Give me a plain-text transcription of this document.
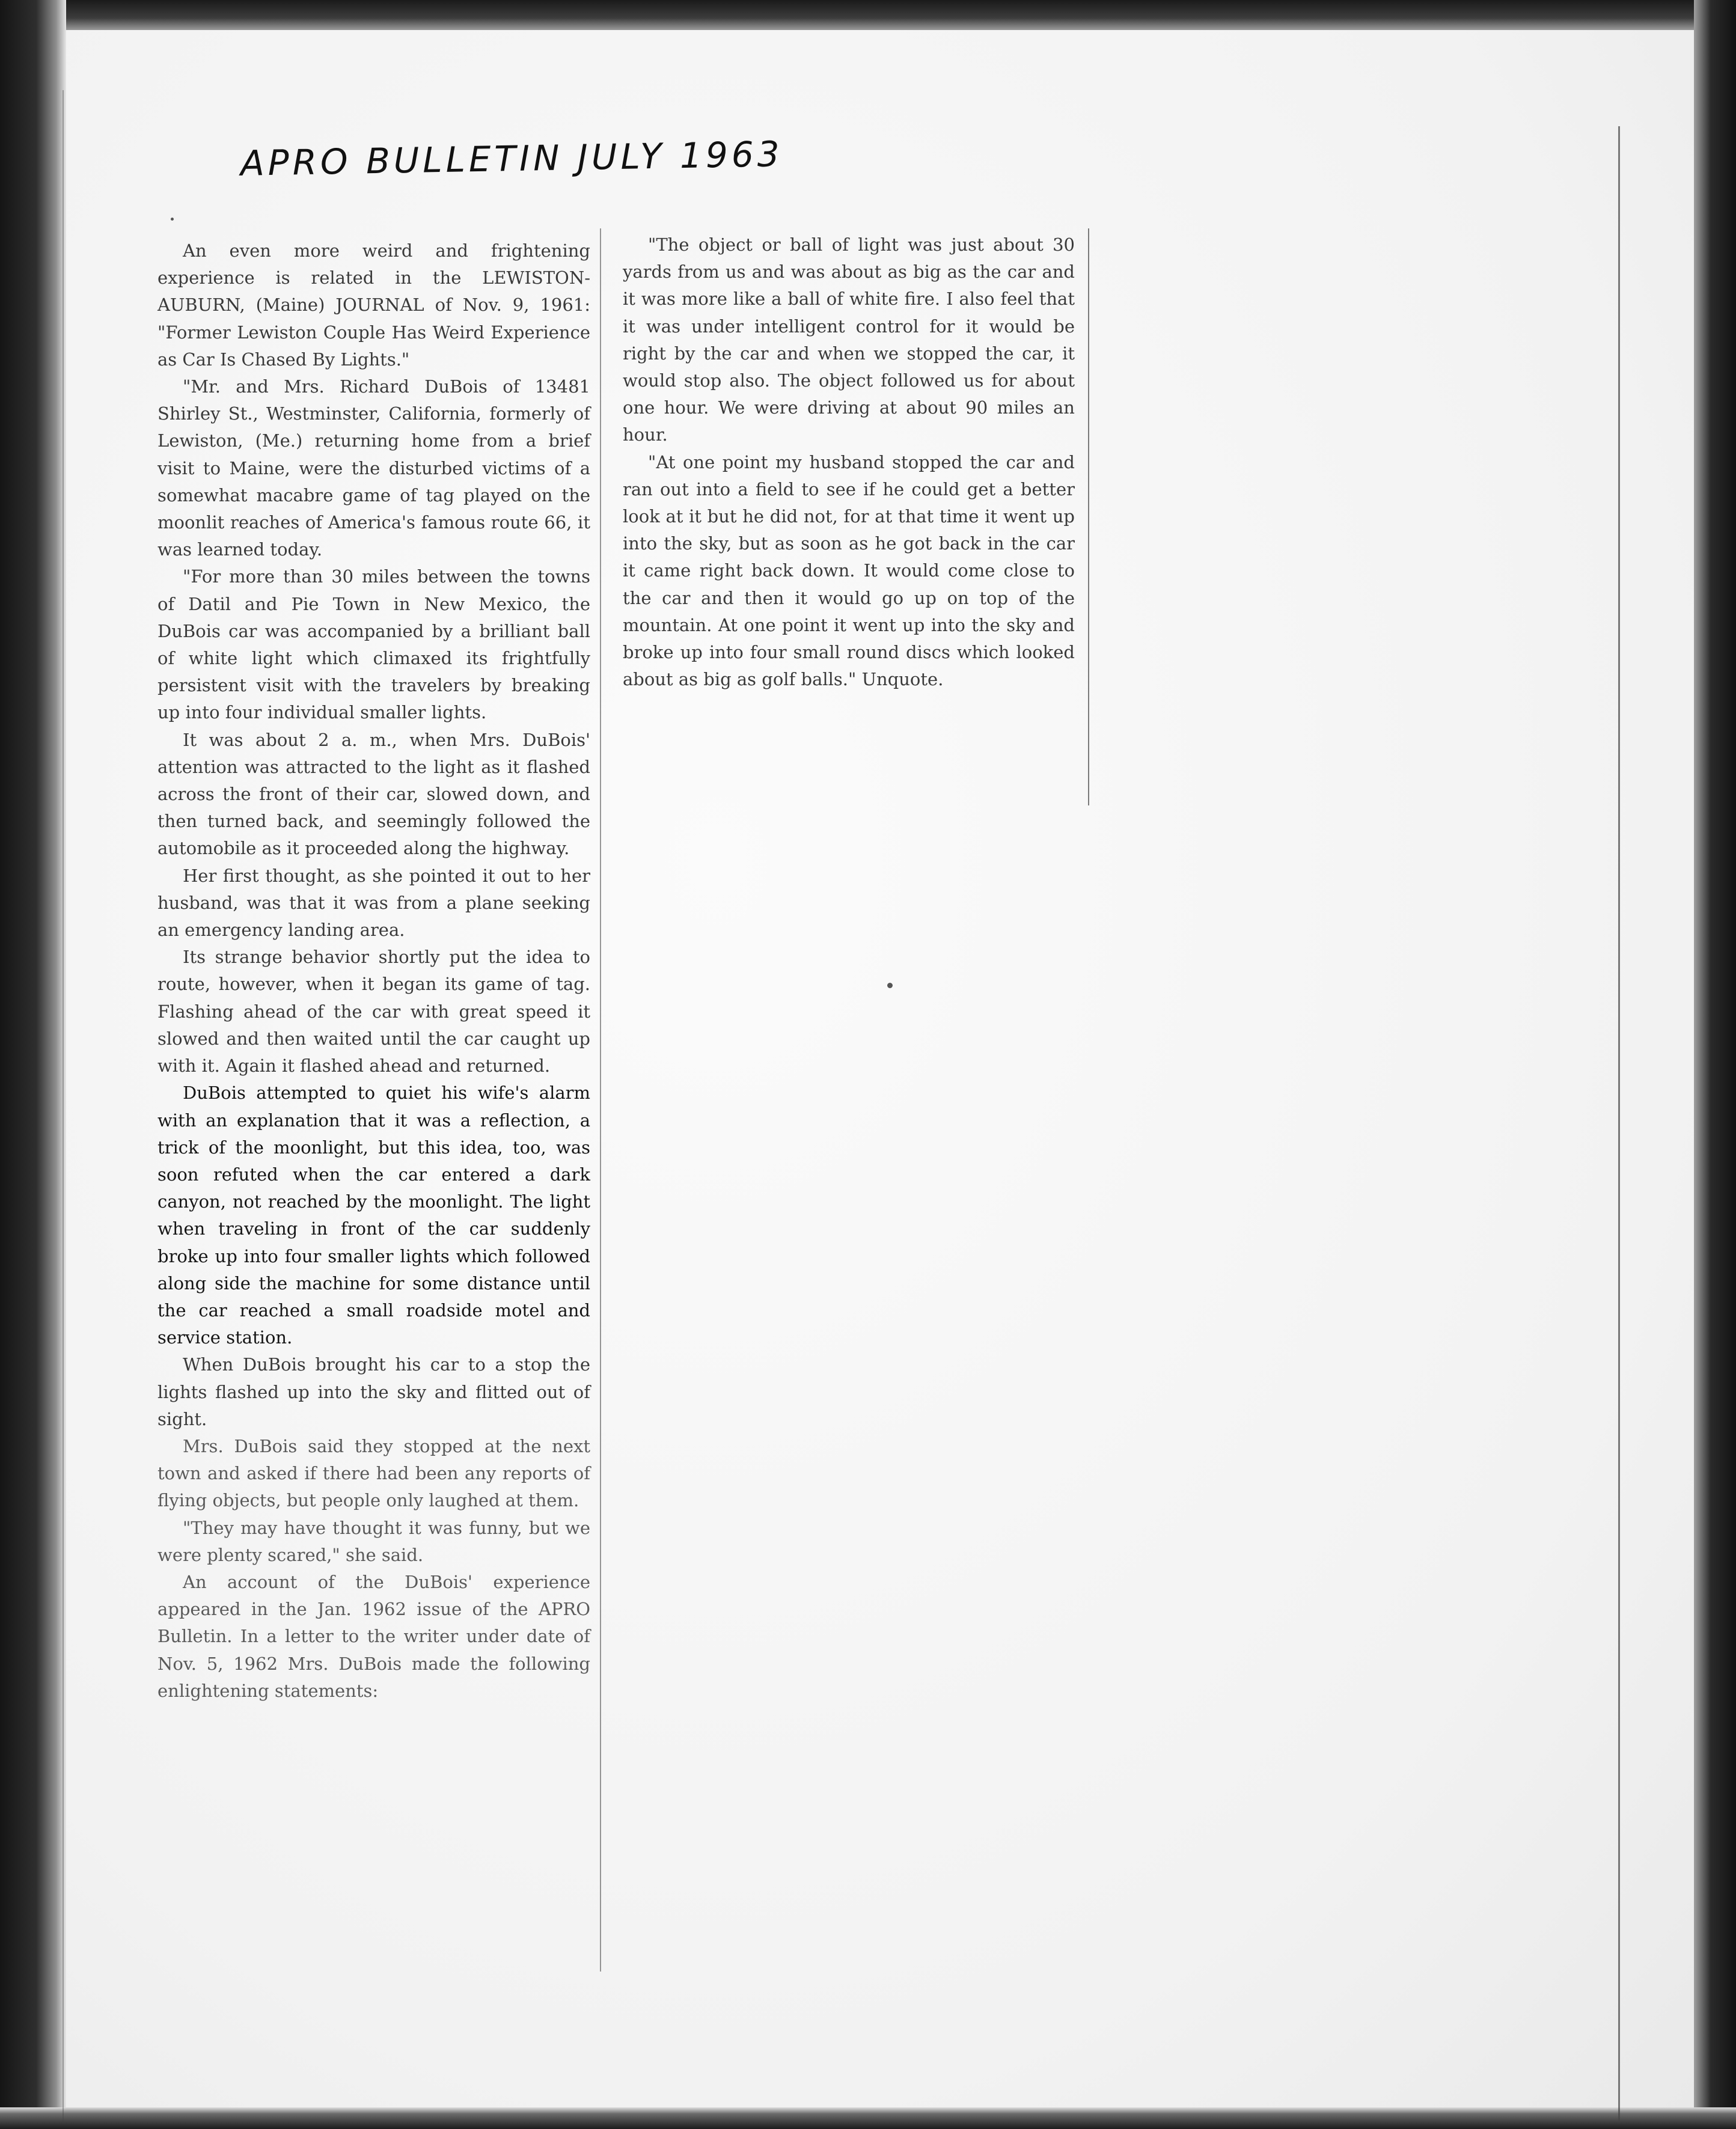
APRO BULLETIN JULY 1963

An even more weird and frightening experience is related in the LEWISTON-AUBURN, (Maine) JOURNAL of Nov. 9, 1961: "Former Lewiston Couple Has Weird Experience as Car Is Chased By Lights."

"Mr. and Mrs. Richard DuBois of 13481 Shirley St., Westminster, California, formerly of Lewiston, (Me.) returning home from a brief visit to Maine, were the disturbed victims of a somewhat macabre game of tag played on the moonlit reaches of America's famous route 66, it was learned today.

"For more than 30 miles between the towns of Datil and Pie Town in New Mexico, the DuBois car was accompanied by a brilliant ball of white light which climaxed its frightfully persistent visit with the travelers by breaking up into four individual smaller lights.

It was about 2 a. m., when Mrs. DuBois' attention was attracted to the light as it flashed across the front of their car, slowed down, and then turned back, and seemingly followed the automobile as it proceeded along the highway.

Her first thought, as she pointed it out to her husband, was that it was from a plane seeking an emergency landing area.

Its strange behavior shortly put the idea to route, however, when it began its game of tag. Flashing ahead of the car with great speed it slowed and then waited until the car caught up with it. Again it flashed ahead and returned.

DuBois attempted to quiet his wife's alarm with an explanation that it was a reflection, a trick of the moonlight, but this idea, too, was soon refuted when the car entered a dark canyon, not reached by the moonlight. The light when traveling in front of the car suddenly broke up into four smaller lights which followed along side the machine for some distance until the car reached a small roadside motel and service station.

When DuBois brought his car to a stop the lights flashed up into the sky and flitted out of sight.

Mrs. DuBois said they stopped at the next town and asked if there had been any reports of flying objects, but people only laughed at them.

"They may have thought it was funny, but we were plenty scared," she said.

An account of the DuBois' experience appeared in the Jan. 1962 issue of the APRO Bulletin. In a letter to the writer under date of Nov. 5, 1962 Mrs. DuBois made the following enlightening statements:

"The object or ball of light was just about 30 yards from us and was about as big as the car and it was more like a ball of white fire. I also feel that it was under intelligent control for it would be right by the car and when we stopped the car, it would stop also. The object followed us for about one hour. We were driving at about 90 miles an hour.

"At one point my husband stopped the car and ran out into a field to see if he could get a better look at it but he did not, for at that time it went up into the sky, but as soon as he got back in the car it came right back down. It would come close to the car and then it would go up on top of the mountain. At one point it went up into the sky and broke up into four small round discs which looked about as big as golf balls." Unquote.
